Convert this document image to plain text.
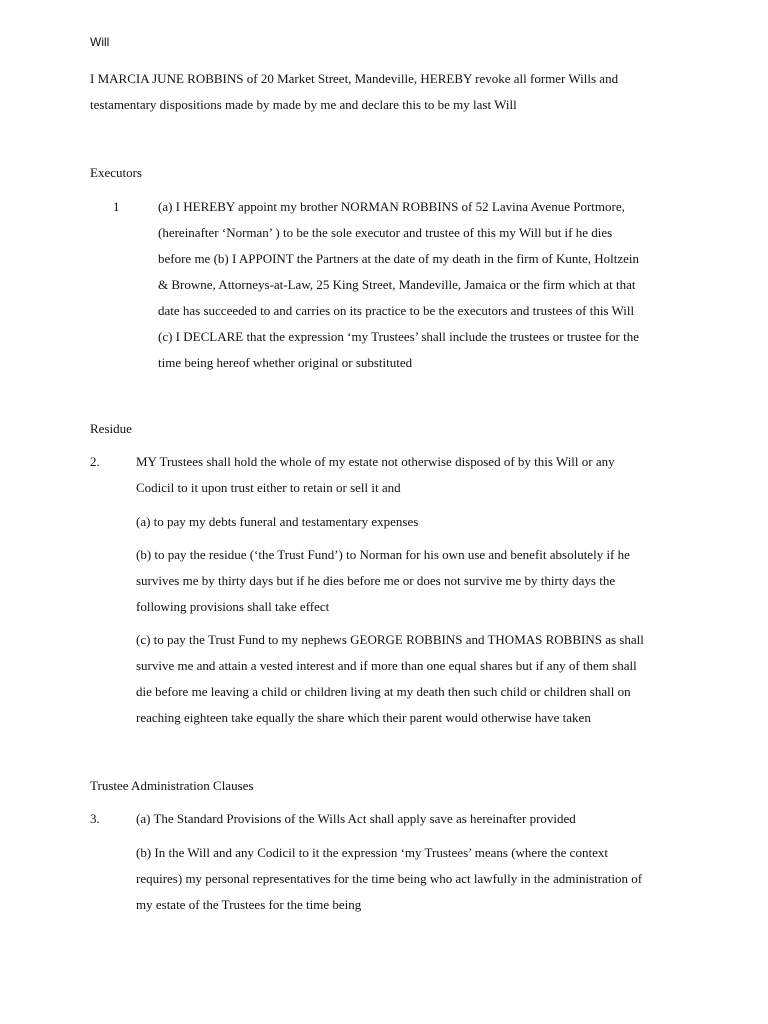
Will
I MARCIA JUNE ROBBINS of 20 Market Street, Mandeville, HEREBY revoke all former Wills and
testamentary dispositions made by made by me and declare this to be my last Will
Executors
1	(a) I HEREBY appoint my brother NORMAN ROBBINS of 52 Lavina Avenue Portmore,
(hereinafter ‘Norman’ ) to be the sole executor and trustee of this my Will but if he dies
before me (b) I APPOINT the Partners at the date of my death in the firm of Kunte, Holtzein
& Browne, Attorneys-at-Law, 25 King Street, Mandeville, Jamaica or the firm which at that
date has succeeded to and carries on its practice to be the executors and trustees of this Will
(c) I DECLARE that the expression ‘my Trustees’ shall include the trustees or trustee for the
time being hereof whether original or substituted
Residue
2.	MY Trustees shall hold the whole of my estate not otherwise disposed of by this Will or any
Codicil to it upon trust either to retain or sell it and
(a) to pay my debts funeral and testamentary expenses
(b) to pay the residue (‘the Trust Fund’) to Norman for his own use and benefit absolutely if he
survives me by thirty days but if he dies before me or does not survive me by thirty days the
following provisions shall take effect
(c) to pay the Trust Fund to my nephews GEORGE ROBBINS and THOMAS ROBBINS as shall
survive me and attain a vested interest and if more than one equal shares but if any of them shall
die before me leaving a child or children living at my death then such child or children shall on
reaching eighteen take equally the share which their parent would otherwise have taken
Trustee Administration Clauses
3.	(a) The Standard Provisions of the Wills Act shall apply save as hereinafter provided
(b) In the Will and any Codicil to it the expression ‘my Trustees’ means (where the context
requires) my personal representatives for the time being who act lawfully in the administration of
my estate of the Trustees for the time being
